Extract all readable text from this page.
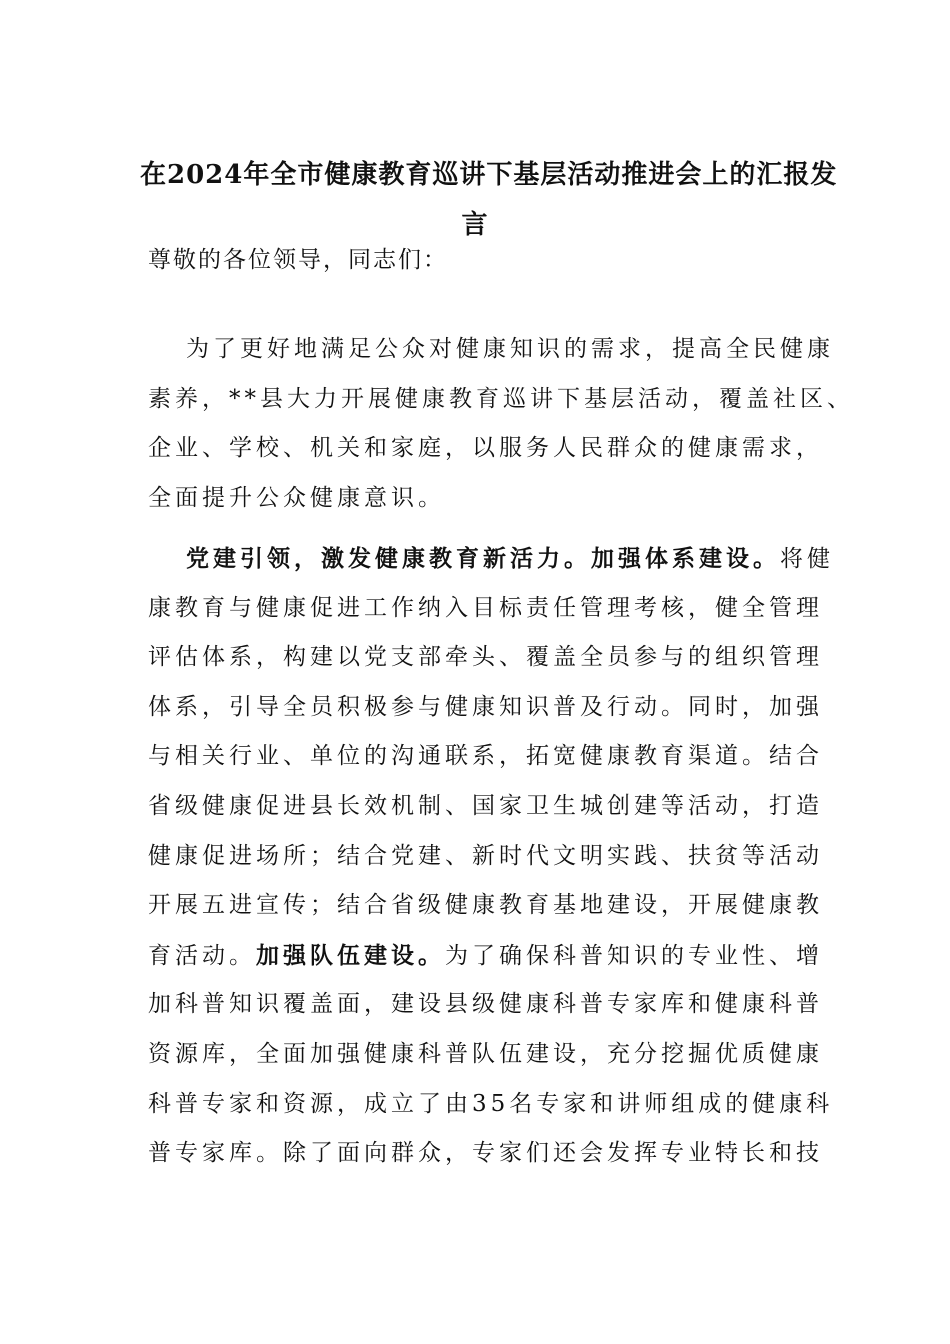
在2024年全市健康教育巡讲下基层活动推进会上的汇报发
言
尊敬的各位领导，同志们：
为了更好地满足公众对健康知识的需求，提高全民健康
素养，**县大力开展健康教育巡讲下基层活动，覆盖社区、
企业、学校、机关和家庭，以服务人民群众的健康需求，
全面提升公众健康意识。
党建引领，激发健康教育新活力。加强体系建设。将健
康教育与健康促进工作纳入目标责任管理考核，健全管理
评估体系，构建以党支部牵头、覆盖全员参与的组织管理
体系，引导全员积极参与健康知识普及行动。同时，加强
与相关行业、单位的沟通联系，拓宽健康教育渠道。结合
省级健康促进县长效机制、国家卫生城创建等活动，打造
健康促进场所；结合党建、新时代文明实践、扶贫等活动
开展五进宣传；结合省级健康教育基地建设，开展健康教
育活动。加强队伍建设。为了确保科普知识的专业性、增
加科普知识覆盖面，建设县级健康科普专家库和健康科普
资源库，全面加强健康科普队伍建设，充分挖掘优质健康
科普专家和资源，成立了由35名专家和讲师组成的健康科
普专家库。除了面向群众，专家们还会发挥专业特长和技
